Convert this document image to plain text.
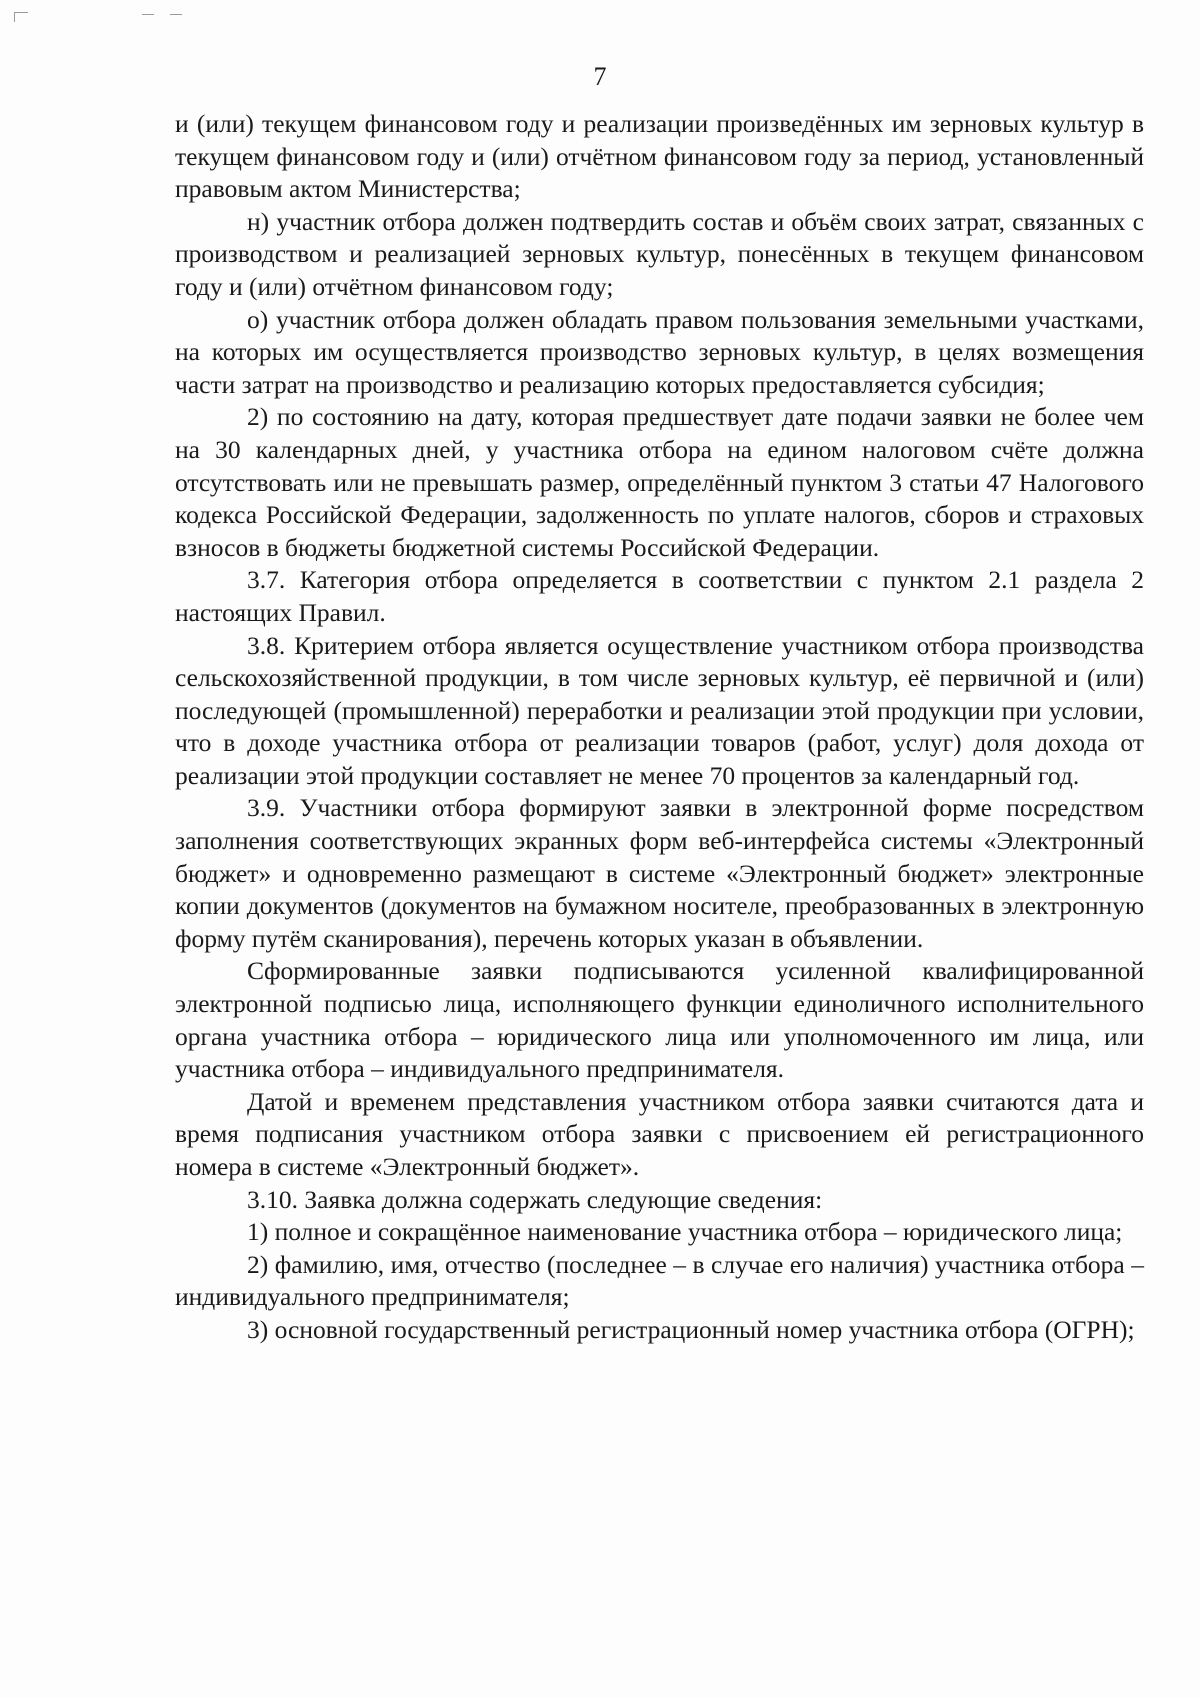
7

и (или) текущем финансовом году и реализации произведённых им зерновых культур в текущем финансовом году и (или) отчётном финансовом году за период, установленный правовым актом Министерства;

н) участник отбора должен подтвердить состав и объём своих затрат, связанных с производством и реализацией зерновых культур, понесённых в текущем финансовом году и (или) отчётном финансовом году;

о) участник отбора должен обладать правом пользования земельными участками, на которых им осуществляется производство зерновых культур, в целях возмещения части затрат на производство и реализацию которых предоставляется субсидия;

2) по состоянию на дату, которая предшествует дате подачи заявки не более чем на 30 календарных дней, у участника отбора на едином налоговом счёте должна отсутствовать или не превышать размер, определённый пунктом 3 статьи 47 Налогового кодекса Российской Федерации, задолженность по уплате налогов, сборов и страховых взносов в бюджеты бюджетной системы Российской Федерации.

3.7. Категория отбора определяется в соответствии с пунктом 2.1 раздела 2 настоящих Правил.

3.8. Критерием отбора является осуществление участником отбора производства сельскохозяйственной продукции, в том числе зерновых культур, её первичной и (или) последующей (промышленной) переработки и реализации этой продукции при условии, что в доходе участника отбора от реализации товаров (работ, услуг) доля дохода от реализации этой продукции составляет не менее 70 процентов за календарный год.

3.9. Участники отбора формируют заявки в электронной форме посредством заполнения соответствующих экранных форм веб-интерфейса системы «Электронный бюджет» и одновременно размещают в системе «Электронный бюджет» электронные копии документов (документов на бумажном носителе, преобразованных в электронную форму путём сканирования), перечень которых указан в объявлении.

Сформированные заявки подписываются усиленной квалифицированной электронной подписью лица, исполняющего функции единоличного исполнительного органа участника отбора – юридического лица или уполномоченного им лица, или участника отбора – индивидуального предпринимателя.

Датой и временем представления участником отбора заявки считаются дата и время подписания участником отбора заявки с присвоением ей регистрационного номера в системе «Электронный бюджет».

3.10. Заявка должна содержать следующие сведения:

1) полное и сокращённое наименование участника отбора – юридического лица;

2) фамилию, имя, отчество (последнее – в случае его наличия) участника отбора – индивидуального предпринимателя;

3) основной государственный регистрационный номер участника отбора (ОГРН);
